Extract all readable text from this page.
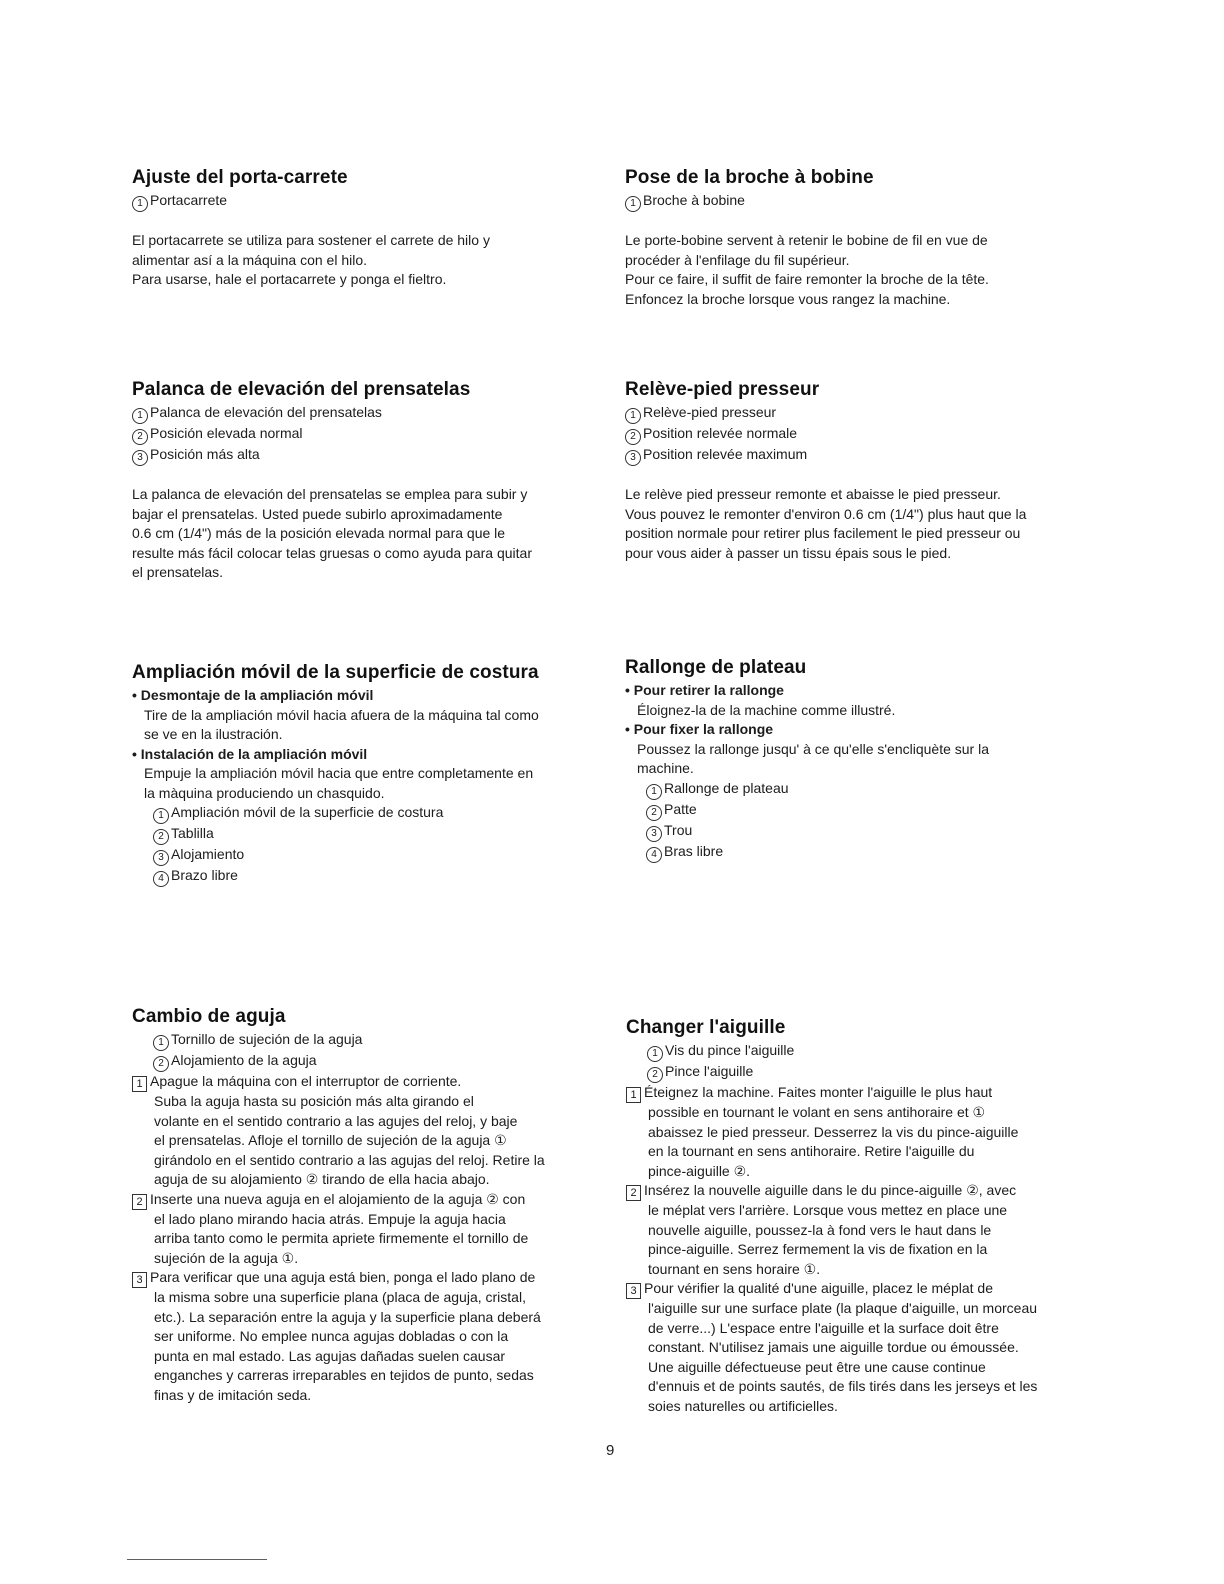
Ajuste del porta-carrete
1 Portacarrete
El portacarrete se utiliza para sostener el carrete de hilo y
alimentar así a la máquina con el hilo.
Para usarse, hale el portacarrete y ponga el fieltro.
Pose de la broche à bobine
1 Broche à bobine
Le porte-bobine servent à retenir le bobine de fil en vue de
procéder à l'enfilage du fil supérieur.
Pour ce faire, il suffit de faire remonter la broche de la tête.
Enfoncez la broche lorsque vous rangez la machine.
Palanca de elevación del prensatelas
1 Palanca de elevación del prensatelas
2 Posición elevada normal
3 Posición más alta
La palanca de elevación del prensatelas se emplea para subir y
bajar el prensatelas. Usted puede subirlo aproximadamente
0.6 cm (1/4") más de la posición elevada normal para que le
resulte más fácil colocar telas gruesas o como ayuda para quitar
el prensatelas.
Relève-pied presseur
1 Relève-pied presseur
2 Position relevée normale
3 Position relevée maximum
Le relève pied presseur remonte et abaisse le pied presseur.
Vous pouvez le remonter d'environ 0.6 cm (1/4") plus haut que la
position normale pour retirer plus facilement le pied presseur ou
pour vous aider à passer un tissu épais sous le pied.
Ampliación móvil de la superficie de costura
• Desmontaje de la ampliación móvil
Tire de la ampliación móvil hacia afuera de la máquina tal como
se ve en la ilustración.
• Instalación de la ampliación móvil
Empuje la ampliación móvil hacia que entre completamente en
la màquina produciendo un chasquido.
1 Ampliación móvil de la superficie de costura
2 Tablilla
3 Alojamiento
4 Brazo libre
Rallonge de plateau
• Pour retirer la rallonge
Éloignez-la de la machine comme illustré.
• Pour fixer la rallonge
Poussez la rallonge jusqu' à ce qu'elle s'encliquète sur la
machine.
1 Rallonge de plateau
2 Patte
3 Trou
4 Bras libre
Cambio de aguja
1 Tornillo de sujeción de la aguja
2 Alojamiento de la aguja
1 Apague la máquina con el interruptor de corriente.
Suba la aguja hasta su posición más alta girando el
volante en el sentido contrario a las agujes del reloj, y baje
el prensatelas. Afloje el tornillo de sujeción de la aguja ①
girándolo en el sentido contrario a las agujas del reloj. Retire la
aguja de su alojamiento ② tirando de ella hacia abajo.
2 Inserte una nueva aguja en el alojamiento de la aguja ② con
el lado plano mirando hacia atrás. Empuje la aguja hacia
arriba tanto como le permita apriete firmemente el tornillo de
sujeción de la aguja ①.
3 Para verificar que una aguja está bien, ponga el lado plano de
la misma sobre una superficie plana (placa de aguja, cristal,
etc.). La separación entre la aguja y la superficie plana deberá
ser uniforme. No emplee nunca agujas dobladas o con la
punta en mal estado. Las agujas dañadas suelen causar
enganches y carreras irreparables en tejidos de punto, sedas
finas y de imitación seda.
Changer l'aiguille
1 Vis du pince l'aiguille
2 Pince l'aiguille
1 Éteignez la machine. Faites monter l'aiguille le plus haut
possible en tournant le volant en sens antihoraire et ①
abaissez le pied presseur. Desserrez la vis du pince-aiguille
en la tournant en sens antihoraire. Retire l'aiguille du
pince-aiguille ②.
2 Insérez la nouvelle aiguille dans le du pince-aiguille ②, avec
le méplat vers l'arrière. Lorsque vous mettez en place une
nouvelle aiguille, poussez-la à fond vers le haut dans le
pince-aiguille. Serrez fermement la vis de fixation en la
tournant en sens horaire ①.
3 Pour vérifier la qualité d'une aiguille, placez le méplat de
l'aiguille sur une surface plate (la plaque d'aiguille, un morceau
de verre...) L'espace entre l'aiguille et la surface doit être
constant. N'utilisez jamais une aiguille tordue ou émoussée.
Une aiguille défectueuse peut être une cause continue
d'ennuis et de points sautés, de fils tirés dans les jerseys et les
soies naturelles ou artificielles.
9
